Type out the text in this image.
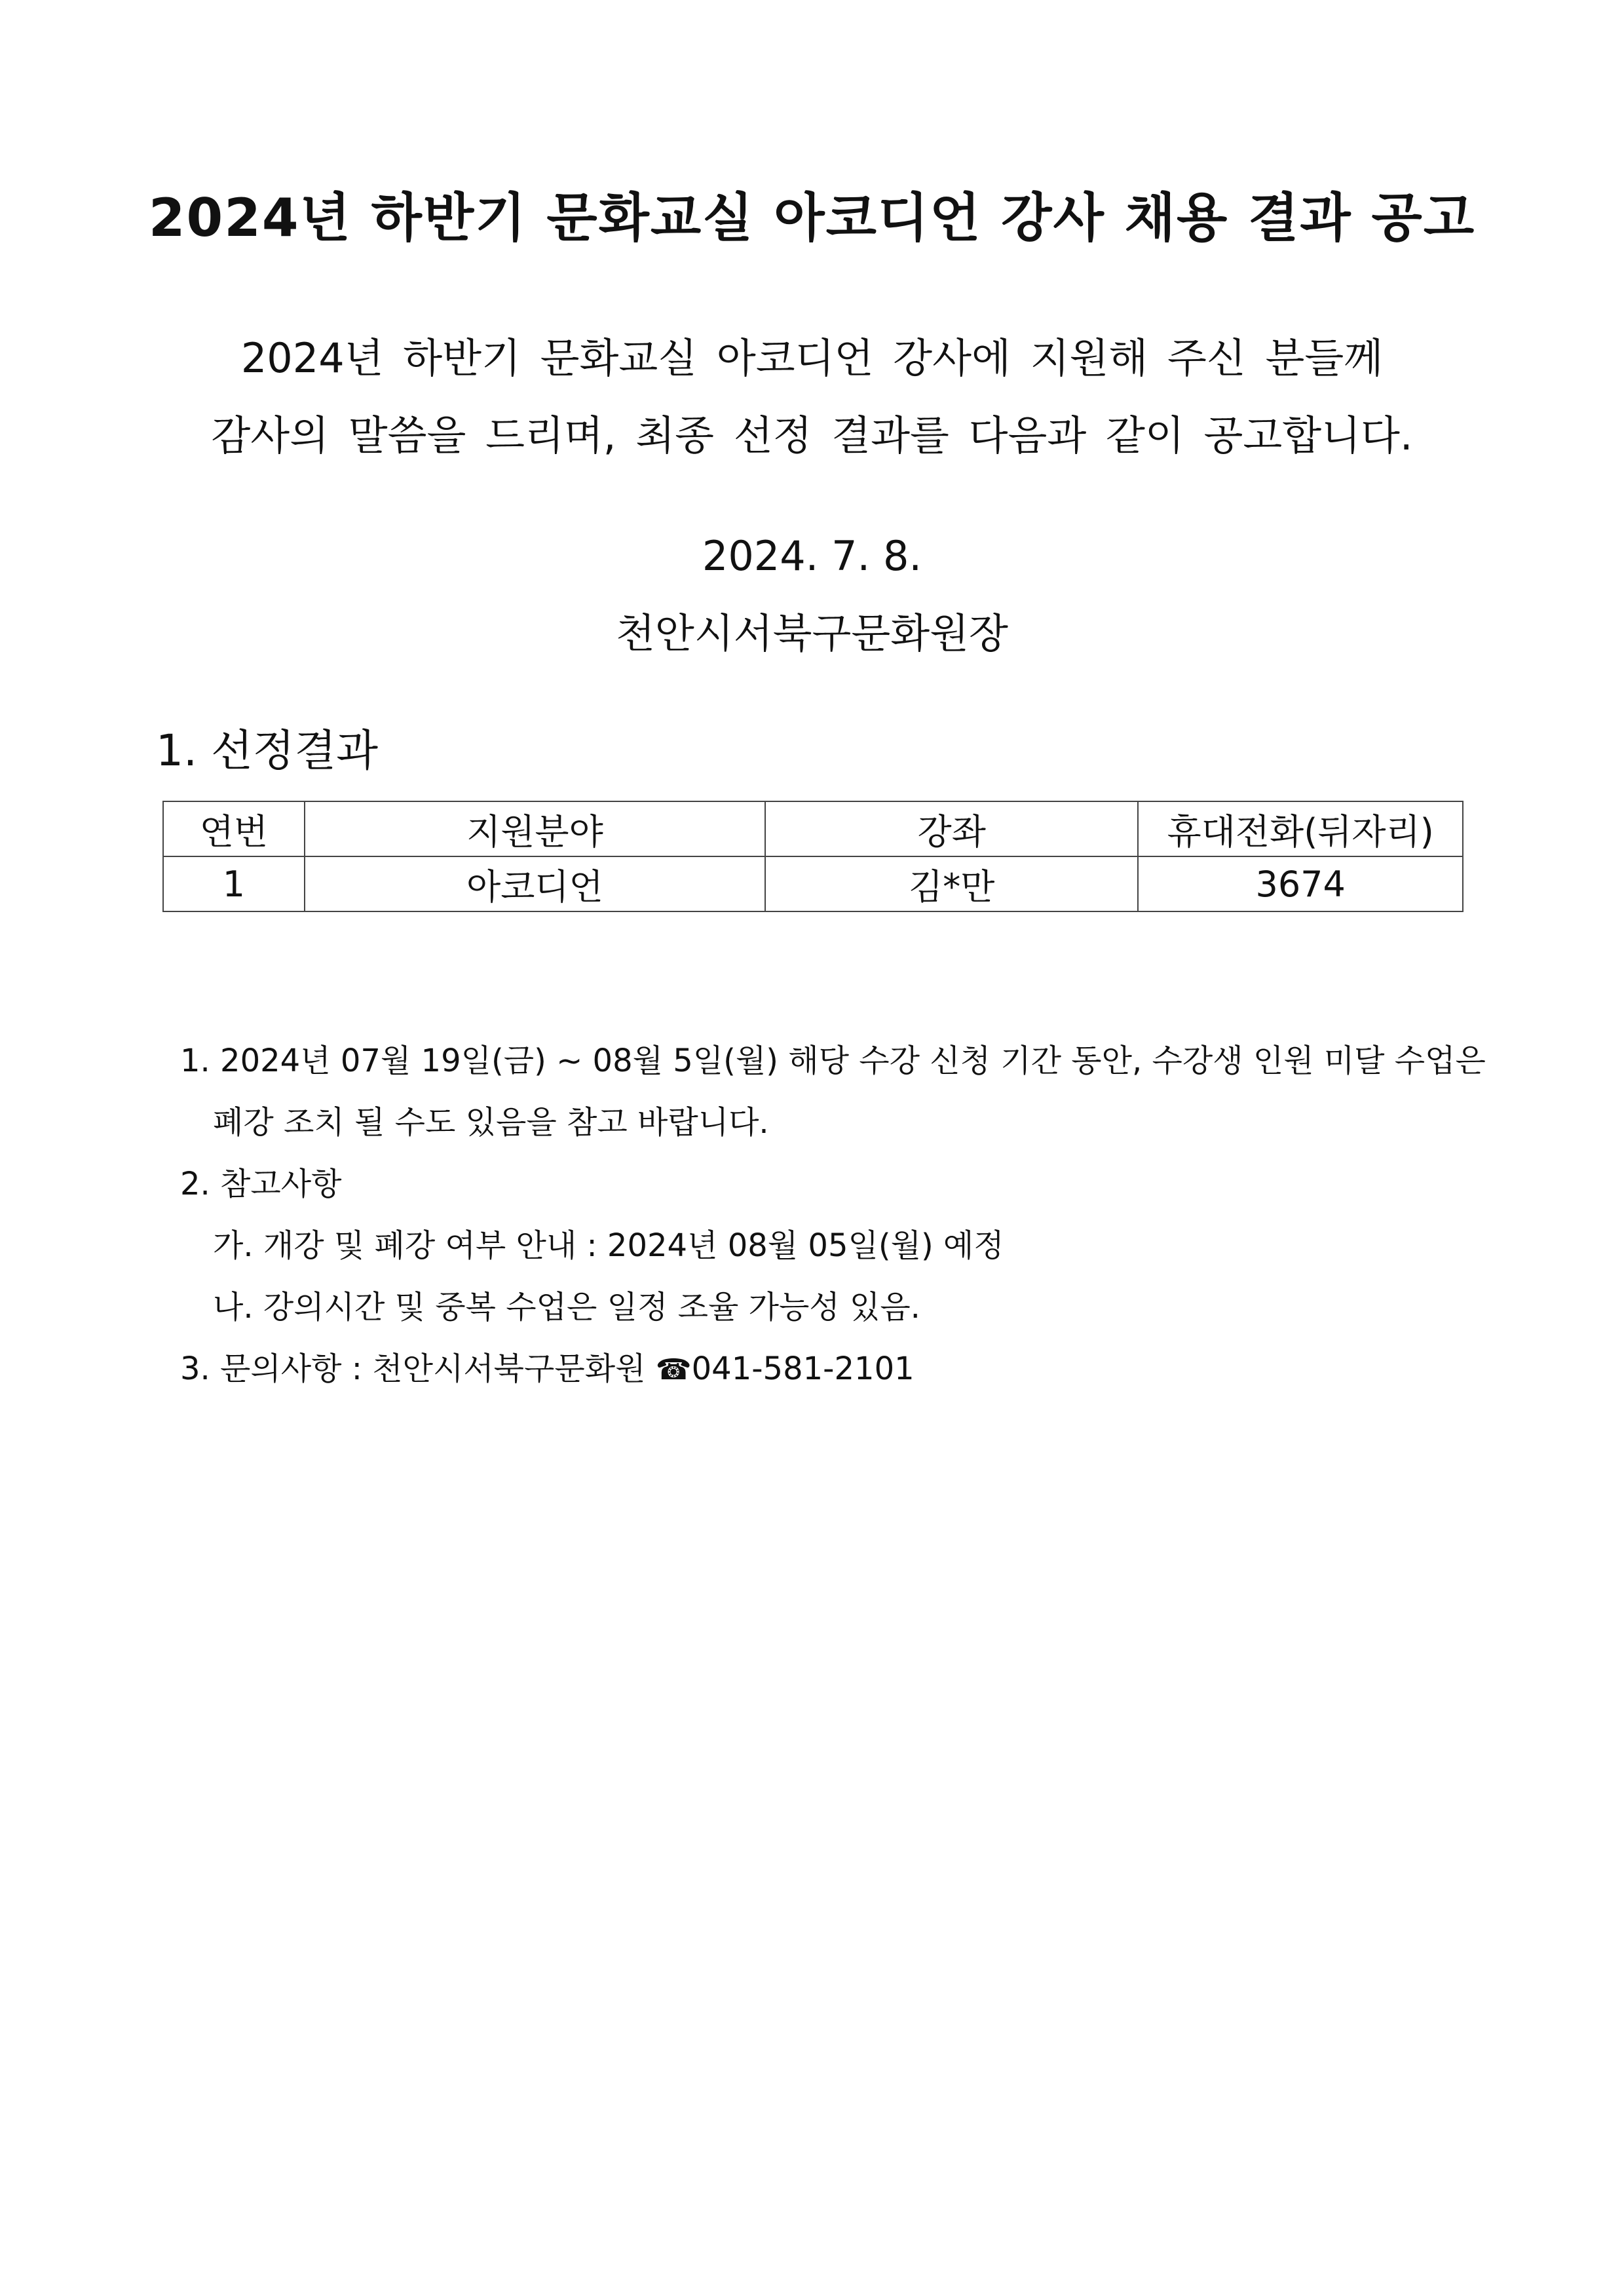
2024년 하반기 문화교실 아코디언 강사 채용 결과 공고
2024년 하반기 문화교실 아코디언 강사에 지원해 주신 분들께
감사의 말씀을 드리며, 최종 선정 결과를 다음과 같이 공고합니다.
2024. 7. 8.
천안시서북구문화원장
1. 선정결과
연번	지원분야	강좌	휴대전화(뒤자리)
1	아코디언	김*만	3674
1. 2024년 07월 19일(금) ~ 08월 5일(월) 해당 수강 신청 기간 동안, 수강생 인원 미달 수업은
폐강 조치 될 수도 있음을 참고 바랍니다.
2. 참고사항
가. 개강 및 폐강 여부 안내 : 2024년 08월 05일(월) 예정
나. 강의시간 및 중복 수업은 일정 조율 가능성 있음.
3. 문의사항 : 천안시서북구문화원 ☎041-581-2101
